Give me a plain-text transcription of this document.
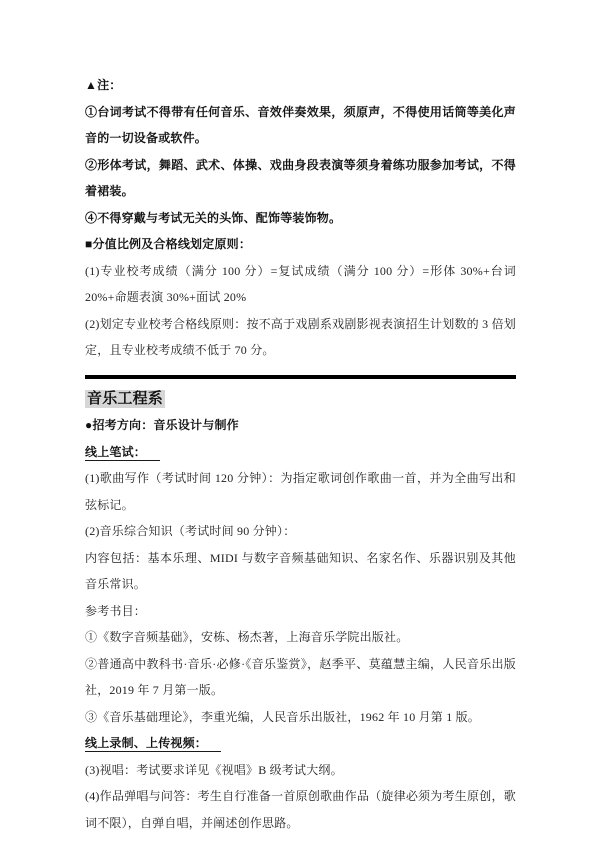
▲注：

①台词考试不得带有任何音乐、音效伴奏效果，须原声，不得使用话筒等美化声音的一切设备或软件。

②形体考试，舞蹈、武术、体操、戏曲身段表演等须身着练功服参加考试，不得着裙装。

④不得穿戴与考试无关的头饰、配饰等装饰物。

■分值比例及合格线划定原则：

(1)专业校考成绩（满分 100 分）=复试成绩（满分 100 分）=形体 30%+台词 20%+命题表演 30%+面试 20%

(2)划定专业校考合格线原则：按不高于戏剧系戏剧影视表演招生计划数的 3 倍划定，且专业校考成绩不低于 70 分。

音乐工程系

●招考方向：音乐设计与制作

线上笔试：

(1)歌曲写作（考试时间 120 分钟）：为指定歌词创作歌曲一首，并为全曲写出和弦标记。

(2)音乐综合知识（考试时间 90 分钟）：

内容包括：基本乐理、MIDI 与数字音频基础知识、名家名作、乐器识别及其他音乐常识。

参考书目：

①《数字音频基础》，安栋、杨杰著，上海音乐学院出版社。

②普通高中教科书·音乐·必修·《音乐鉴赏》，赵季平、莫蕴慧主编，人民音乐出版社，2019 年 7 月第一版。

③《音乐基础理论》，李重光编，人民音乐出版社，1962 年 10 月第 1 版。

线上录制、上传视频：

(3)视唱：考试要求详见《视唱》B 级考试大纲。

(4)作品弹唱与问答：考生自行准备一首原创歌曲作品（旋律必须为考生原创，歌词不限），自弹自唱，并阐述创作思路。
